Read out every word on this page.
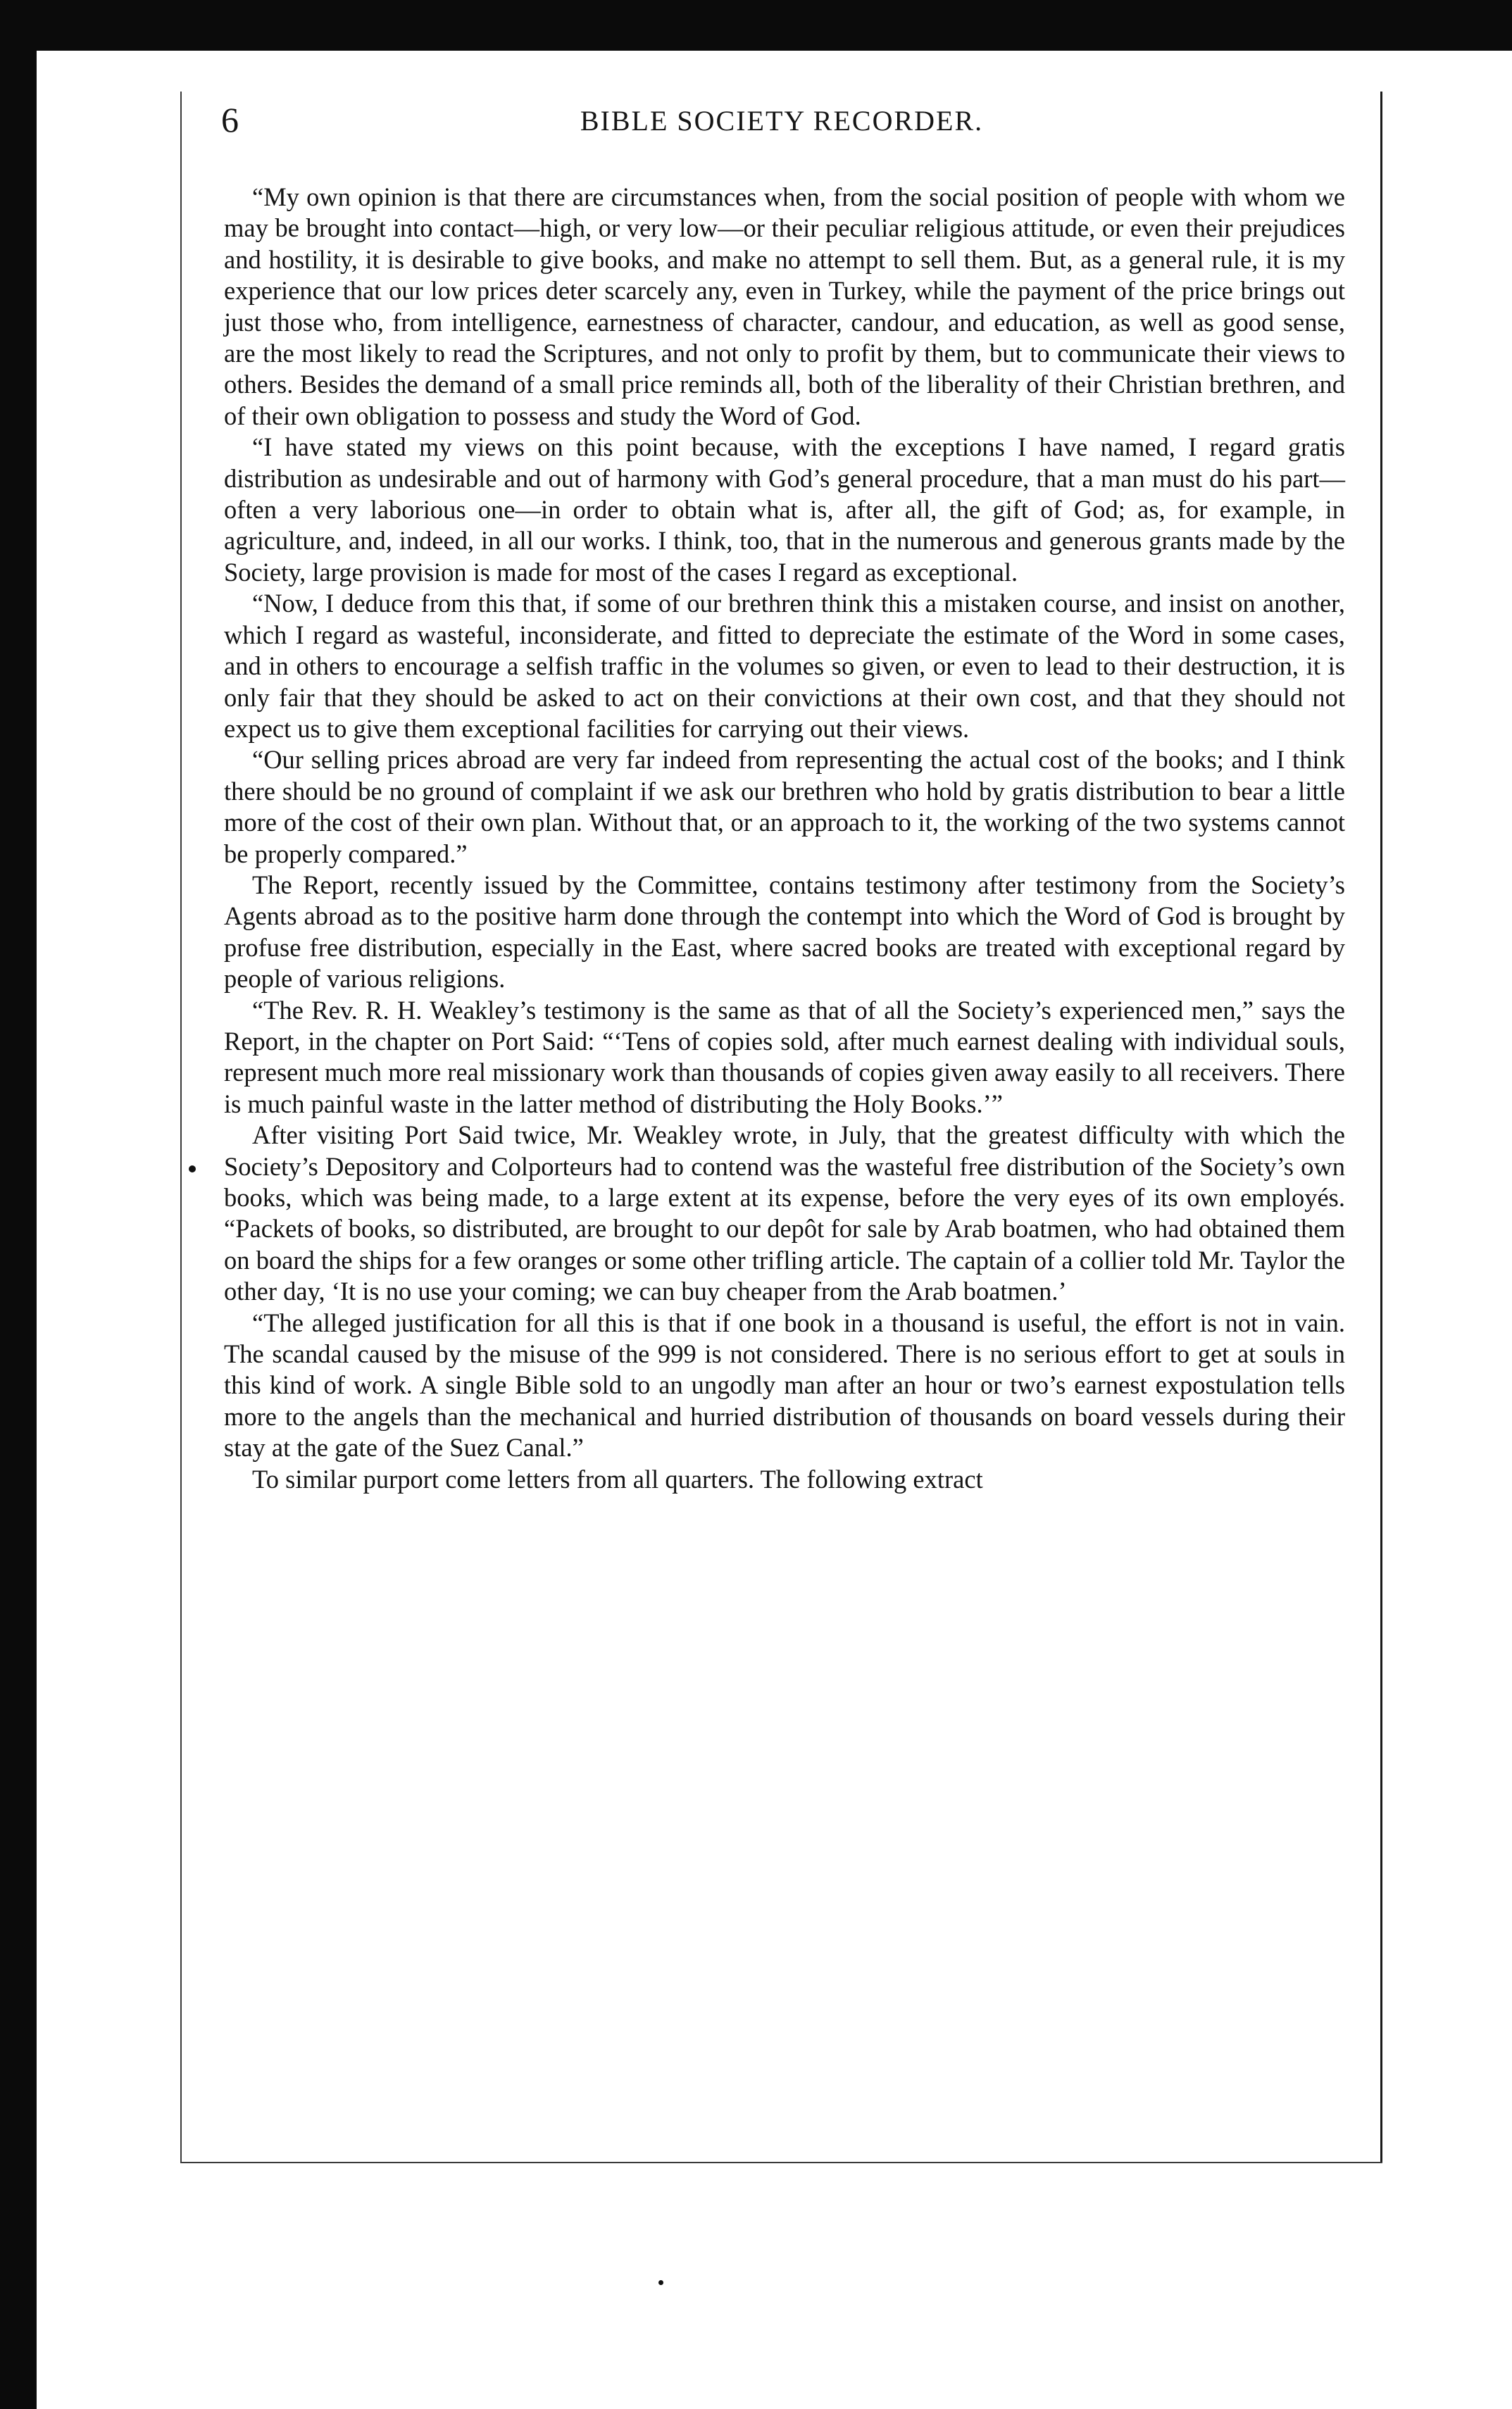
6	BIBLE SOCIETY RECORDER.

“My own opinion is that there are circumstances when, from the social position of people with whom we may be brought into contact—high, or very low—or their peculiar religious attitude, or even their prejudices and hostility, it is desirable to give books, and make no attempt to sell them. But, as a general rule, it is my experience that our low prices deter scarcely any, even in Turkey, while the payment of the price brings out just those who, from intelligence, earnestness of character, candour, and education, as well as good sense, are the most likely to read the Scriptures, and not only to profit by them, but to communicate their views to others. Besides the demand of a small price reminds all, both of the liberality of their Christian brethren, and of their own obligation to possess and study the Word of God.

“I have stated my views on this point because, with the exceptions I have named, I regard gratis distribution as undesirable and out of harmony with God’s general procedure, that a man must do his part—often a very laborious one—in order to obtain what is, after all, the gift of God; as, for example, in agriculture, and, indeed, in all our works. I think, too, that in the numerous and generous grants made by the Society, large provision is made for most of the cases I regard as exceptional.

“Now, I deduce from this that, if some of our brethren think this a mistaken course, and insist on another, which I regard as wasteful, inconsiderate, and fitted to depreciate the estimate of the Word in some cases, and in others to encourage a selfish traffic in the volumes so given, or even to lead to their destruction, it is only fair that they should be asked to act on their convictions at their own cost, and that they should not expect us to give them exceptional facilities for carrying out their views.

“Our selling prices abroad are very far indeed from representing the actual cost of the books; and I think there should be no ground of complaint if we ask our brethren who hold by gratis distribution to bear a little more of the cost of their own plan. Without that, or an approach to it, the working of the two systems cannot be properly compared.”

The Report, recently issued by the Committee, contains testimony after testimony from the Society’s Agents abroad as to the positive harm done through the contempt into which the Word of God is brought by profuse free distribution, especially in the East, where sacred books are treated with exceptional regard by people of various religions.

“The Rev. R. H. Weakley’s testimony is the same as that of all the Society’s experienced men,” says the Report, in the chapter on Port Said: “‘Tens of copies sold, after much earnest dealing with individual souls, represent much more real missionary work than thousands of copies given away easily to all receivers. There is much painful waste in the latter method of distributing the Holy Books.’”

After visiting Port Said twice, Mr. Weakley wrote, in July, that the greatest difficulty with which the Society’s Depository and Colporteurs had to contend was the wasteful free distribution of the Society’s own books, which was being made, to a large extent at its expense, before the very eyes of its own employés. “Packets of books, so distributed, are brought to our depôt for sale by Arab boatmen, who had obtained them on board the ships for a few oranges or some other trifling article. The captain of a collier told Mr. Taylor the other day, ‘It is no use your coming; we can buy cheaper from the Arab boatmen.’

“The alleged justification for all this is that if one book in a thousand is useful, the effort is not in vain. The scandal caused by the misuse of the 999 is not considered. There is no serious effort to get at souls in this kind of work. A single Bible sold to an ungodly man after an hour or two’s earnest expostulation tells more to the angels than the mechanical and hurried distribution of thousands on board vessels during their stay at the gate of the Suez Canal.”

To similar purport come letters from all quarters. The following extract
